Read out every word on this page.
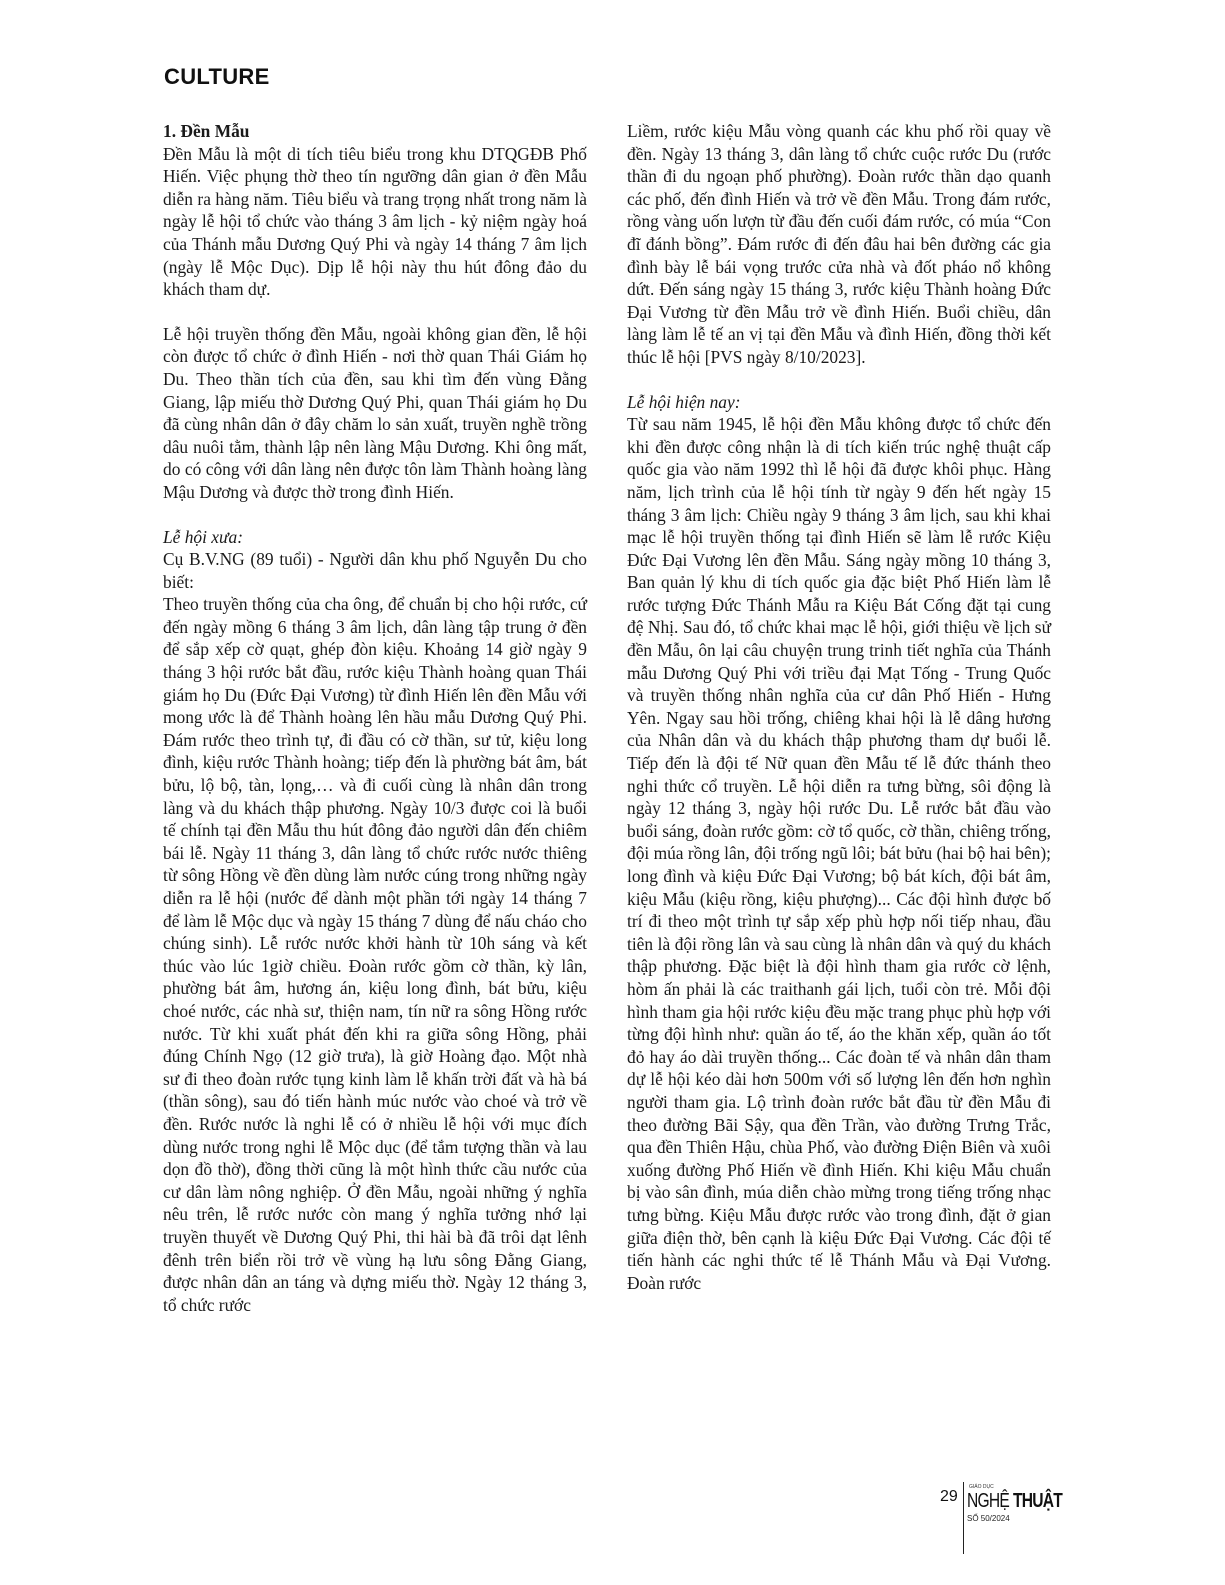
CULTURE

1. Đền Mẫu

Đền Mẫu là một di tích tiêu biểu trong khu DTQGĐB Phố Hiến. Việc phụng thờ theo tín ngưỡng dân gian ở đền Mẫu diễn ra hàng năm. Tiêu biểu và trang trọng nhất trong năm là ngày lễ hội tổ chức vào tháng 3 âm lịch - kỷ niệm ngày hoá của Thánh mẫu Dương Quý Phi và ngày 14 tháng 7 âm lịch (ngày lễ Mộc Dục). Dịp lễ hội này thu hút đông đảo du khách tham dự.

Lễ hội truyền thống đền Mẫu, ngoài không gian đền, lễ hội còn được tổ chức ở đình Hiến - nơi thờ quan Thái Giám họ Du. Theo thần tích của đền, sau khi tìm đến vùng Đằng Giang, lập miếu thờ Dương Quý Phi, quan Thái giám họ Du đã cùng nhân dân ở đây chăm lo sản xuất, truyền nghề trồng dâu nuôi tằm, thành lập nên làng Mậu Dương. Khi ông mất, do có công với dân làng nên được tôn làm Thành hoàng làng Mậu Dương và được thờ trong đình Hiến.

Lễ hội xưa:

Cụ B.V.NG (89 tuổi) - Người dân khu phố Nguyễn Du cho biết:

Theo truyền thống của cha ông, để chuẩn bị cho hội rước, cứ đến ngày mồng 6 tháng 3 âm lịch, dân làng tập trung ở đền để sắp xếp cờ quạt, ghép đòn kiệu. Khoảng 14 giờ ngày 9 tháng 3 hội rước bắt đầu, rước kiệu Thành hoàng quan Thái giám họ Du (Đức Đại Vương) từ đình Hiến lên đền Mẫu với mong ước là để Thành hoàng lên hầu mẫu Dương Quý Phi. Đám rước theo trình tự, đi đầu có cờ thần, sư tử, kiệu long đình, kiệu rước Thành hoàng; tiếp đến là phường bát âm, bát bửu, lộ bộ, tàn, lọng,… và đi cuối cùng là nhân dân trong làng và du khách thập phương. Ngày 10/3 được coi là buổi tế chính tại đền Mẫu thu hút đông đảo người dân đến chiêm bái lễ. Ngày 11 tháng 3, dân làng tổ chức rước nước thiêng từ sông Hồng về đền dùng làm nước cúng trong những ngày diễn ra lễ hội (nước để dành một phần tới ngày 14 tháng 7 để làm lễ Mộc dục và ngày 15 tháng 7 dùng để nấu cháo cho chúng sinh). Lễ rước nước khởi hành từ 10h sáng và kết thúc vào lúc 1giờ chiều. Đoàn rước gồm cờ thần, kỳ lân, phường bát âm, hương án, kiệu long đình, bát bửu, kiệu choé nước, các nhà sư, thiện nam, tín nữ ra sông Hồng rước nước. Từ khi xuất phát đến khi ra giữa sông Hồng, phải đúng Chính Ngọ (12 giờ trưa), là giờ Hoàng đạo. Một nhà sư đi theo đoàn rước tụng kinh làm lễ khấn trời đất và hà bá (thần sông), sau đó tiến hành múc nước vào choé và trở về đền. Rước nước là nghi lễ có ở nhiều lễ hội với mục đích dùng nước trong nghi lễ Mộc dục (để tắm tượng thần và lau dọn đồ thờ), đồng thời cũng là một hình thức cầu nước của cư dân làm nông nghiệp. Ở đền Mẫu, ngoài những ý nghĩa nêu trên, lễ rước nước còn mang ý nghĩa tưởng nhớ lại truyền thuyết về Dương Quý Phi, thi hài bà đã trôi dạt lênh đênh trên biển rồi trở về vùng hạ lưu sông Đằng Giang, được nhân dân an táng và dựng miếu thờ. Ngày 12 tháng 3, tổ chức rước

Liềm, rước kiệu Mẫu vòng quanh các khu phố rồi quay về đền. Ngày 13 tháng 3, dân làng tổ chức cuộc rước Du (rước thần đi du ngoạn phố phường). Đoàn rước thần dạo quanh các phố, đến đình Hiến và trở về đền Mẫu. Trong đám rước, rồng vàng uốn lượn từ đầu đến cuối đám rước, có múa “Con đĩ đánh bồng”. Đám rước đi đến đâu hai bên đường các gia đình bày lễ bái vọng trước cửa nhà và đốt pháo nổ không dứt. Đến sáng ngày 15 tháng 3, rước kiệu Thành hoàng Đức Đại Vương từ đền Mẫu trở về đình Hiến. Buổi chiều, dân làng làm lễ tế an vị tại đền Mẫu và đình Hiến, đồng thời kết thúc lễ hội [PVS ngày 8/10/2023].

Lễ hội hiện nay:

Từ sau năm 1945, lễ hội đền Mẫu không được tổ chức đến khi đền được công nhận là di tích kiến trúc nghệ thuật cấp quốc gia vào năm 1992 thì lễ hội đã được khôi phục. Hàng năm, lịch trình của lễ hội tính từ ngày 9 đến hết ngày 15 tháng 3 âm lịch: Chiều ngày 9 tháng 3 âm lịch, sau khi khai mạc lễ hội truyền thống tại đình Hiến sẽ làm lễ rước Kiệu Đức Đại Vương lên đền Mẫu. Sáng ngày mồng 10 tháng 3, Ban quản lý khu di tích quốc gia đặc biệt Phố Hiến làm lễ rước tượng Đức Thánh Mẫu ra Kiệu Bát Cống đặt tại cung đệ Nhị. Sau đó, tổ chức khai mạc lễ hội, giới thiệu về lịch sử đền Mẫu, ôn lại câu chuyện trung trinh tiết nghĩa của Thánh mẫu Dương Quý Phi với triều đại Mạt Tống - Trung Quốc và truyền thống nhân nghĩa của cư dân Phố Hiến - Hưng Yên. Ngay sau hồi trống, chiêng khai hội là lễ dâng hương của Nhân dân và du khách thập phương tham dự buổi lễ. Tiếp đến là đội tế Nữ quan đền Mẫu tế lễ đức thánh theo nghi thức cổ truyền. Lễ hội diễn ra tưng bừng, sôi động là ngày 12 tháng 3, ngày hội rước Du. Lễ rước bắt đầu vào buổi sáng, đoàn rước gồm: cờ tổ quốc, cờ thần, chiêng trống, đội múa rồng lân, đội trống ngũ lôi; bát bửu (hai bộ hai bên); long đình và kiệu Đức Đại Vương; bộ bát kích, đội bát âm, kiệu Mẫu (kiệu rồng, kiệu phượng)... Các đội hình được bố trí đi theo một trình tự sắp xếp phù hợp nối tiếp nhau, đầu tiên là đội rồng lân và sau cùng là nhân dân và quý du khách thập phương. Đặc biệt là đội hình tham gia rước cờ lệnh, hòm ấn phải là các traithanh gái lịch, tuổi còn trẻ. Mỗi đội hình tham gia hội rước kiệu đều mặc trang phục phù hợp với từng đội hình như: quần áo tế, áo the khăn xếp, quần áo tốt đỏ hay áo dài truyền thống... Các đoàn tế và nhân dân tham dự lễ hội kéo dài hơn 500m với số lượng lên đến hơn nghìn người tham gia. Lộ trình đoàn rước bắt đầu từ đền Mẫu đi theo đường Bãi Sậy, qua đền Trần, vào đường Trưng Trắc, qua đền Thiên Hậu, chùa Phố, vào đường Điện Biên và xuôi xuống đường Phố Hiến về đình Hiến. Khi kiệu Mẫu chuẩn bị vào sân đình, múa diễn chào mừng trong tiếng trống nhạc tưng bừng. Kiệu Mẫu được rước vào trong đình, đặt ở gian giữa điện thờ, bên cạnh là kiệu Đức Đại Vương. Các đội tế tiến hành các nghi thức tế lễ Thánh Mẫu và Đại Vương. Đoàn rước

29
GIÁO DỤC
NGHỆ THUẬT
SỐ 50/2024
